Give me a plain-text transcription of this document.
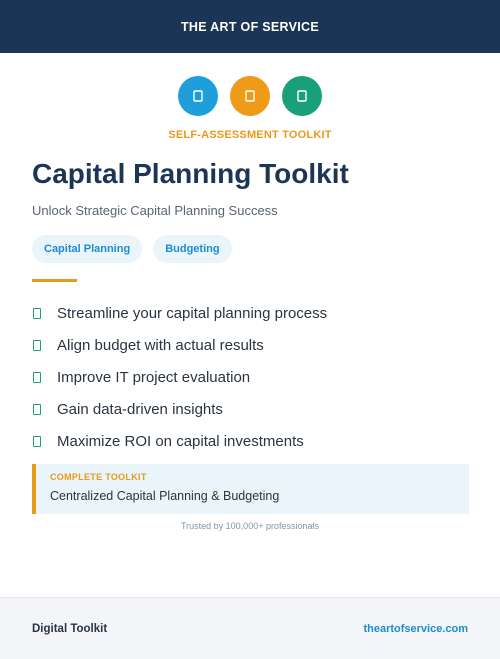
THE ART OF SERVICE
SELF-ASSESSMENT TOOLKIT
Capital Planning Toolkit
Unlock Strategic Capital Planning Success
Capital Planning	Budgeting
Streamline your capital planning process
Align budget with actual results
Improve IT project evaluation
Gain data-driven insights
Maximize ROI on capital investments
COMPLETE TOOLKIT
Centralized Capital Planning & Budgeting
Trusted by 100,000+ professionals
Digital Toolkit	theartofservice.com
